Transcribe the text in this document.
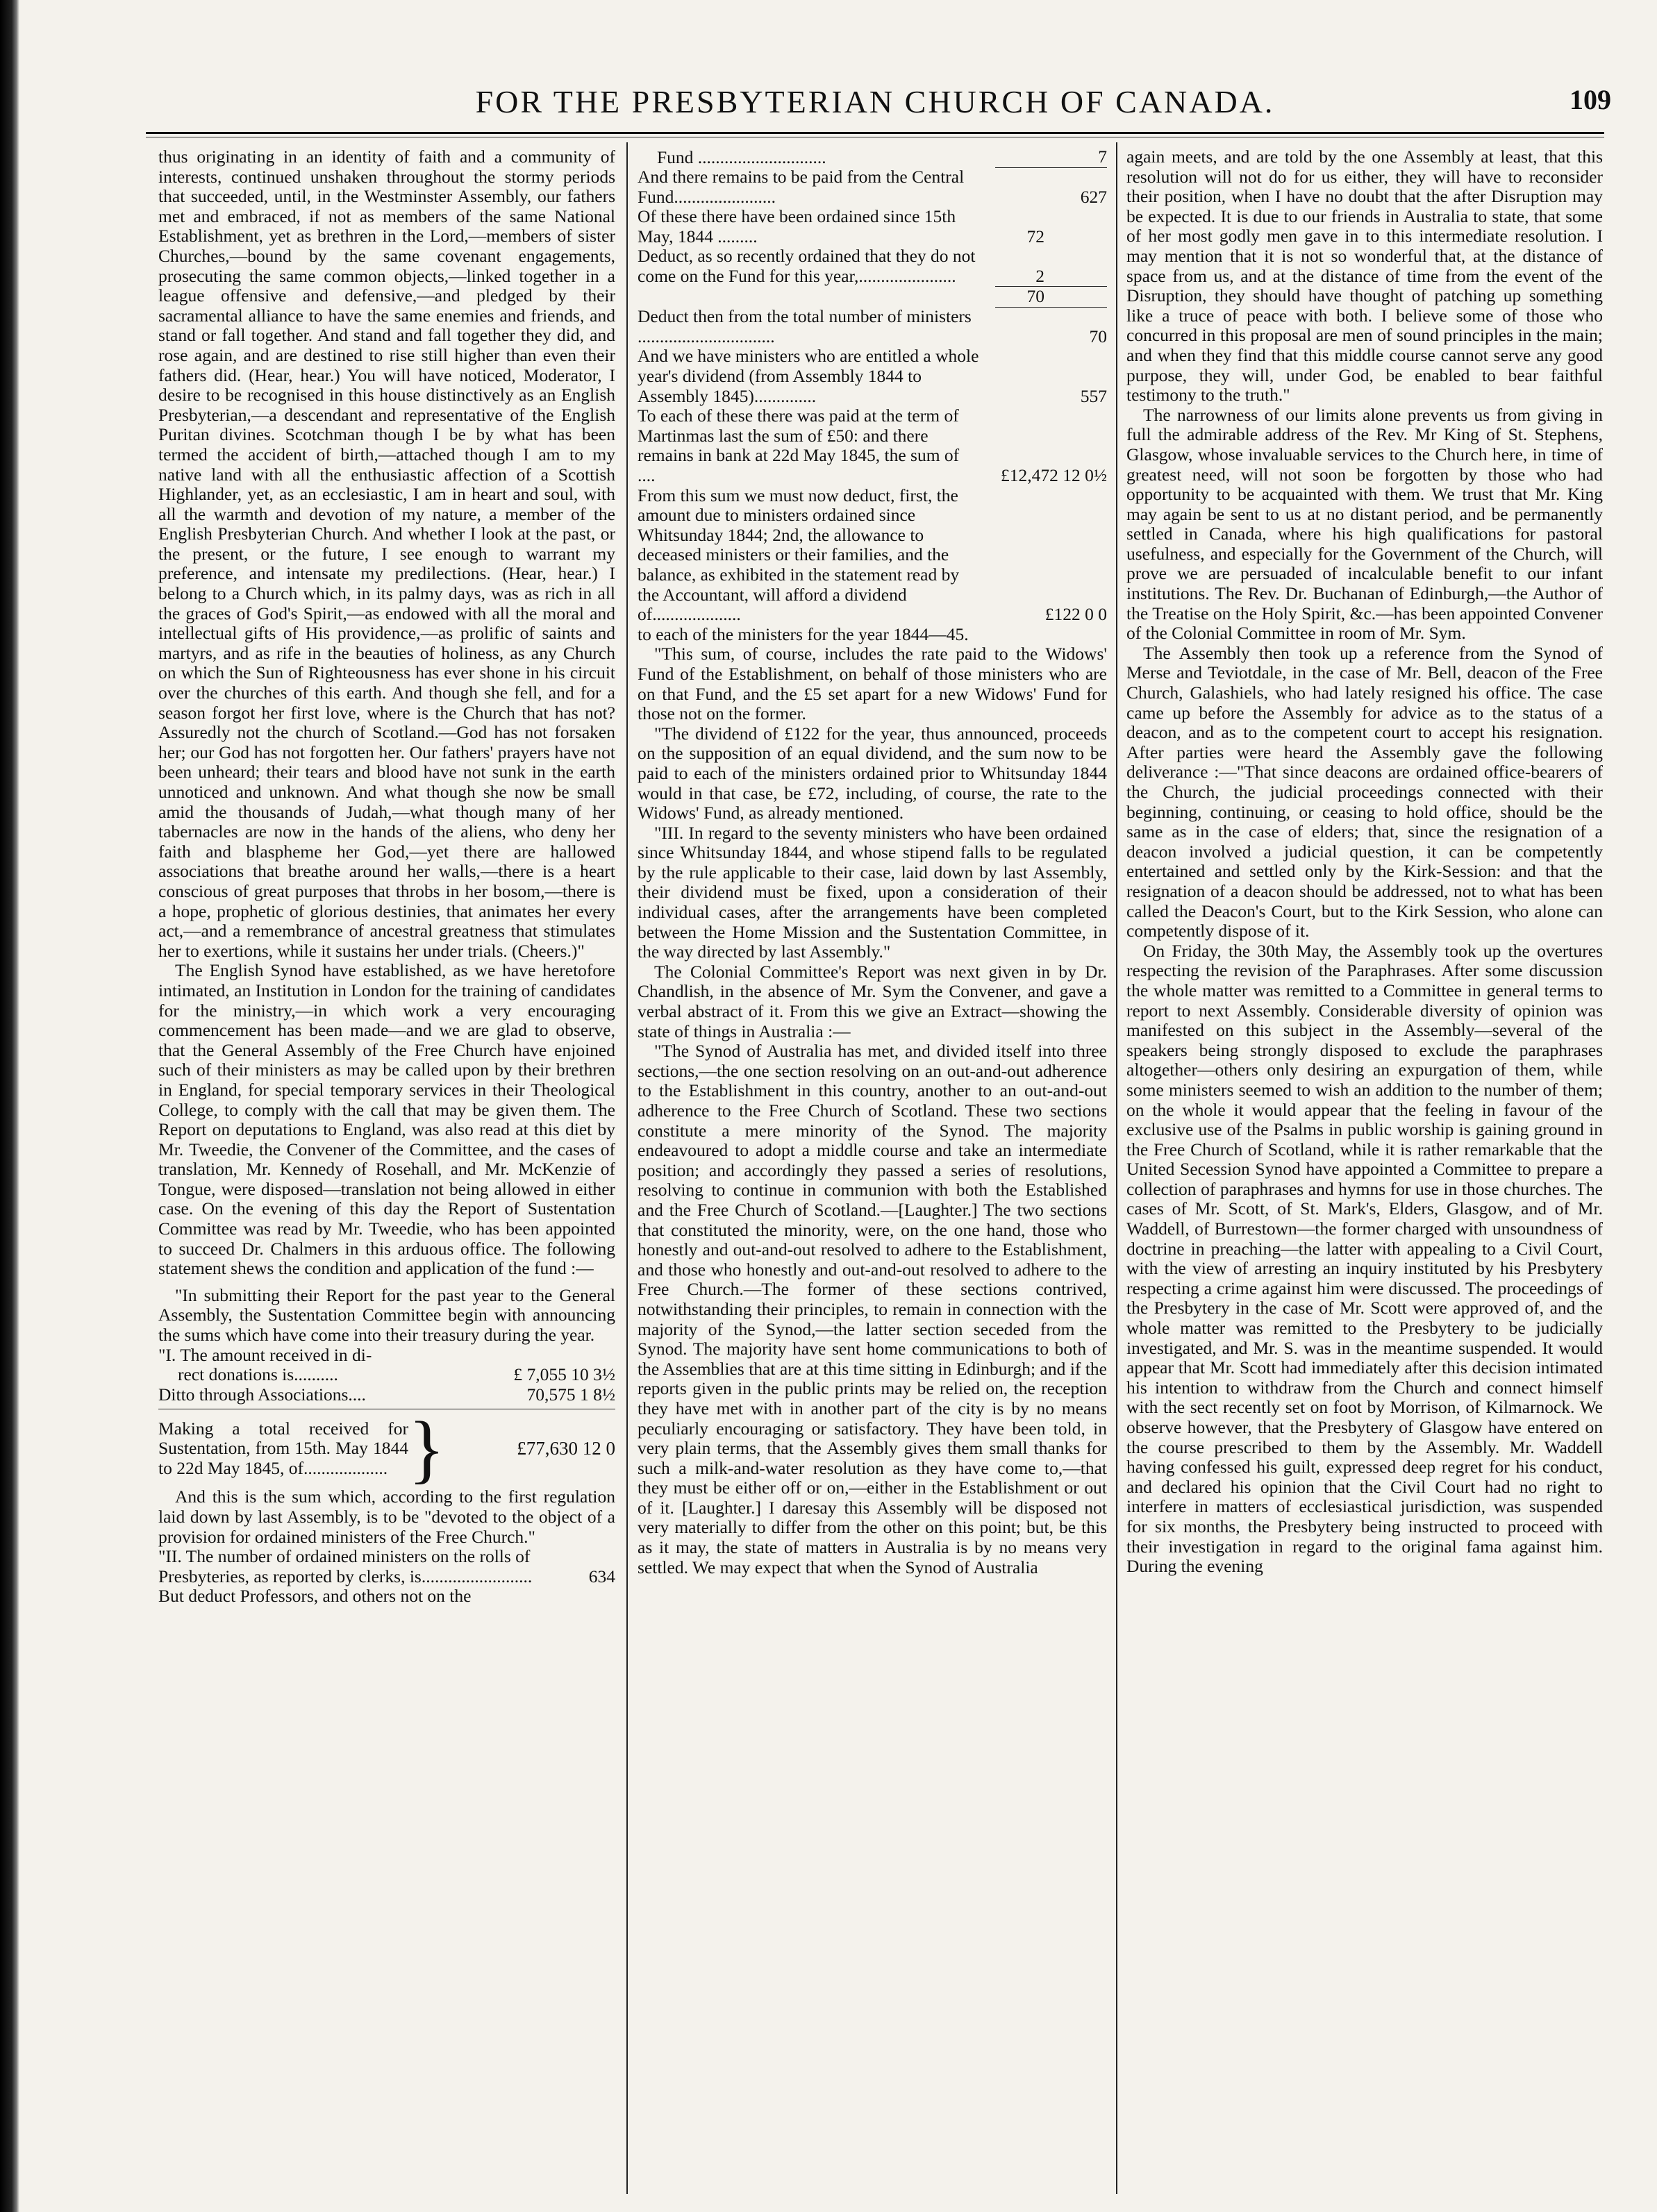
FOR THE PRESBYTERIAN CHURCH OF CANADA.	109

thus originating in an identity of faith and a community of interests, continued unshaken throughout the stormy periods that succeeded, until, in the Westminster Assembly, our fathers met and embraced, if not as members of the same National Establishment, yet as brethren in the Lord,—members of sister Churches,—bound by the same covenant engagements, prosecuting the same common objects,—linked together in a league offensive and defensive,—and pledged by their sacramental alliance to have the same enemies and friends, and stand or fall together. And stand and fall together they did, and rose again, and are destined to rise still higher than even their fathers did. (Hear, hear.) You will have noticed, Moderator, I desire to be recognised in this house distinctively as an English Presbyterian,—a descendant and representative of the English Puritan divines. Scotchman though I be by what has been termed the accident of birth,—attached though I am to my native land with all the enthusiastic affection of a Scottish Highlander, yet, as an ecclesiastic, I am in heart and soul, with all the warmth and devotion of my nature, a member of the English Presbyterian Church. And whether I look at the past, or the present, or the future, I see enough to warrant my preference, and intensate my predilections. (Hear, hear.) I belong to a Church which, in its palmy days, was as rich in all the graces of God's Spirit,—as endowed with all the moral and intellectual gifts of His providence,—as prolific of saints and martyrs, and as rife in the beauties of holiness, as any Church on which the Sun of Righteousness has ever shone in his circuit over the churches of this earth. And though she fell, and for a season forgot her first love, where is the Church that has not? Assuredly not the church of Scotland.—God has not forsaken her; our God has not forgotten her. Our fathers' prayers have not been unheard; their tears and blood have not sunk in the earth unnoticed and unknown. And what though she now be small amid the thousands of Judah,—what though many of her tabernacles are now in the hands of the aliens, who deny her faith and blaspheme her God,—yet there are hallowed associations that breathe around her walls,—there is a heart conscious of great purposes that throbs in her bosom,—there is a hope, prophetic of glorious destinies, that animates her every act,—and a remembrance of ancestral greatness that stimulates her to exertions, while it sustains her under trials. (Cheers.)"

The English Synod have established, as we have heretofore intimated, an Institution in London for the training of candidates for the ministry,—in which work a very encouraging commencement has been made—and we are glad to observe, that the General Assembly of the Free Church have enjoined such of their ministers as may be called upon by their brethren in England, for special temporary services in their Theological College, to comply with the call that may be given them. The Report on deputations to England, was also read at this diet by Mr. Tweedie, the Convener of the Committee, and the cases of translation, Mr. Kennedy of Rosehall, and Mr. McKenzie of Tongue, were disposed—translation not being allowed in either case. On the evening of this day the Report of Sustentation Committee was read by Mr. Tweedie, who has been appointed to succeed Dr. Chalmers in this arduous office. The following statement shews the condition and application of the fund :—

"In submitting their Report for the past year to the General Assembly, the Sustentation Committee begin with announcing the sums which have come into their treasury during the year.

"I. The amount received in di-

rect donations is..........	£ 7,055 10 3½
Ditto through Associations....	70,575 1 8½
Making a total received for Sustentation, from 15th. May 1844 to 22d May 1845, of...................	}	£77,630 12 0

And this is the sum which, according to the first regulation laid down by last Assembly, is to be "devoted to the object of a provision for ordained ministers of the Free Church."

"II. The number of ordained ministers on the rolls of Presbyteries, as reported by clerks, is.........................	634

But deduct Professors, and others not on the

Fund .............................	7
And there remains to be paid from the Central Fund.......................	627
Of these there have been ordained since 15th May, 1844 .........	72
Deduct, as so recently ordained that they do not come on the Fund for this year,......................	2
	70
Deduct then from the total number of ministers ...............................	70
And we have ministers who are entitled a whole year's dividend (from Assembly 1844 to Assembly 1845)..............	557
To each of these there was paid at the term of Martinmas last the sum of £50: and there remains in bank at 22d May 1845, the sum of ....	£12,472 12 0½
From this sum we must now deduct, first, the amount due to ministers ordained since Whitsunday 1844; 2nd, the allowance to deceased ministers or their families, and the balance, as exhibited in the statement read by the Accountant, will afford a dividend of....................	£122 0 0

to each of the ministers for the year 1844—45.

"This sum, of course, includes the rate paid to the Widows' Fund of the Establishment, on behalf of those ministers who are on that Fund, and the £5 set apart for a new Widows' Fund for those not on the former.

"The dividend of £122 for the year, thus announced, proceeds on the supposition of an equal dividend, and the sum now to be paid to each of the ministers ordained prior to Whitsunday 1844 would in that case, be £72, including, of course, the rate to the Widows' Fund, as already mentioned.

"III. In regard to the seventy ministers who have been ordained since Whitsunday 1844, and whose stipend falls to be regulated by the rule applicable to their case, laid down by last Assembly, their dividend must be fixed, upon a consideration of their individual cases, after the arrangements have been completed between the Home Mission and the Sustentation Committee, in the way directed by last Assembly."

The Colonial Committee's Report was next given in by Dr. Chandlish, in the absence of Mr. Sym the Convener, and gave a verbal abstract of it. From this we give an Extract—showing the state of things in Australia :—

"The Synod of Australia has met, and divided itself into three sections,—the one section resolving on an out-and-out adherence to the Establishment in this country, another to an out-and-out adherence to the Free Church of Scotland. These two sections constitute a mere minority of the Synod. The majority endeavoured to adopt a middle course and take an intermediate position; and accordingly they passed a series of resolutions, resolving to continue in communion with both the Established and the Free Church of Scotland.—[Laughter.] The two sections that constituted the minority, were, on the one hand, those who honestly and out-and-out resolved to adhere to the Establishment, and those who honestly and out-and-out resolved to adhere to the Free Church.—The former of these sections contrived, notwithstanding their principles, to remain in connection with the majority of the Synod,—the latter section seceded from the Synod. The majority have sent home communications to both of the Assemblies that are at this time sitting in Edinburgh; and if the reports given in the public prints may be relied on, the reception they have met with in another part of the city is by no means peculiarly encouraging or satisfactory. They have been told, in very plain terms, that the Assembly gives them small thanks for such a milk-and-water resolution as they have come to,—that they must be either off or on,—either in the Establishment or out of it. [Laughter.] I daresay this Assembly will be disposed not very materially to differ from the other on this point; but, be this as it may, the state of matters in Australia is by no means very settled. We may expect that when the Synod of Australia

again meets, and are told by the one Assembly at least, that this resolution will not do for us either, they will have to reconsider their position, when I have no doubt that the after Disruption may be expected. It is due to our friends in Australia to state, that some of her most godly men gave in to this intermediate resolution. I may mention that it is not so wonderful that, at the distance of space from us, and at the distance of time from the event of the Disruption, they should have thought of patching up something like a truce of peace with both. I believe some of those who concurred in this proposal are men of sound principles in the main; and when they find that this middle course cannot serve any good purpose, they will, under God, be enabled to bear faithful testimony to the truth."

The narrowness of our limits alone prevents us from giving in full the admirable address of the Rev. Mr King of St. Stephens, Glasgow, whose invaluable services to the Church here, in time of greatest need, will not soon be forgotten by those who had opportunity to be acquainted with them. We trust that Mr. King may again be sent to us at no distant period, and be permanently settled in Canada, where his high qualifications for pastoral usefulness, and especially for the Government of the Church, will prove we are persuaded of incalculable benefit to our infant institutions. The Rev. Dr. Buchanan of Edinburgh,—the Author of the Treatise on the Holy Spirit, &c.—has been appointed Convener of the Colonial Committee in room of Mr. Sym.

The Assembly then took up a reference from the Synod of Merse and Teviotdale, in the case of Mr. Bell, deacon of the Free Church, Galashiels, who had lately resigned his office. The case came up before the Assembly for advice as to the status of a deacon, and as to the competent court to accept his resignation. After parties were heard the Assembly gave the following deliverance :—"That since deacons are ordained office-bearers of the Church, the judicial proceedings connected with their beginning, continuing, or ceasing to hold office, should be the same as in the case of elders; that, since the resignation of a deacon involved a judicial question, it can be competently entertained and settled only by the Kirk-Session: and that the resignation of a deacon should be addressed, not to what has been called the Deacon's Court, but to the Kirk Session, who alone can competently dispose of it.

On Friday, the 30th May, the Assembly took up the overtures respecting the revision of the Paraphrases. After some discussion the whole matter was remitted to a Committee in general terms to report to next Assembly. Considerable diversity of opinion was manifested on this subject in the Assembly—several of the speakers being strongly disposed to exclude the paraphrases altogether—others only desiring an expurgation of them, while some ministers seemed to wish an addition to the number of them; on the whole it would appear that the feeling in favour of the exclusive use of the Psalms in public worship is gaining ground in the Free Church of Scotland, while it is rather remarkable that the United Secession Synod have appointed a Committee to prepare a collection of paraphrases and hymns for use in those churches. The cases of Mr. Scott, of St. Mark's, Elders, Glasgow, and of Mr. Waddell, of Burrestown—the former charged with unsoundness of doctrine in preaching—the latter with appealing to a Civil Court, with the view of arresting an inquiry instituted by his Presbytery respecting a crime against him were discussed. The proceedings of the Presbytery in the case of Mr. Scott were approved of, and the whole matter was remitted to the Presbytery to be judicially investigated, and Mr. S. was in the meantime suspended. It would appear that Mr. Scott had immediately after this decision intimated his intention to withdraw from the Church and connect himself with the sect recently set on foot by Morrison, of Kilmarnock. We observe however, that the Presbytery of Glasgow have entered on the course prescribed to them by the Assembly. Mr. Waddell having confessed his guilt, expressed deep regret for his conduct, and declared his opinion that the Civil Court had no right to interfere in matters of ecclesiastical jurisdiction, was suspended for six months, the Presbytery being instructed to proceed with their investigation in regard to the original fama against him. During the evening
